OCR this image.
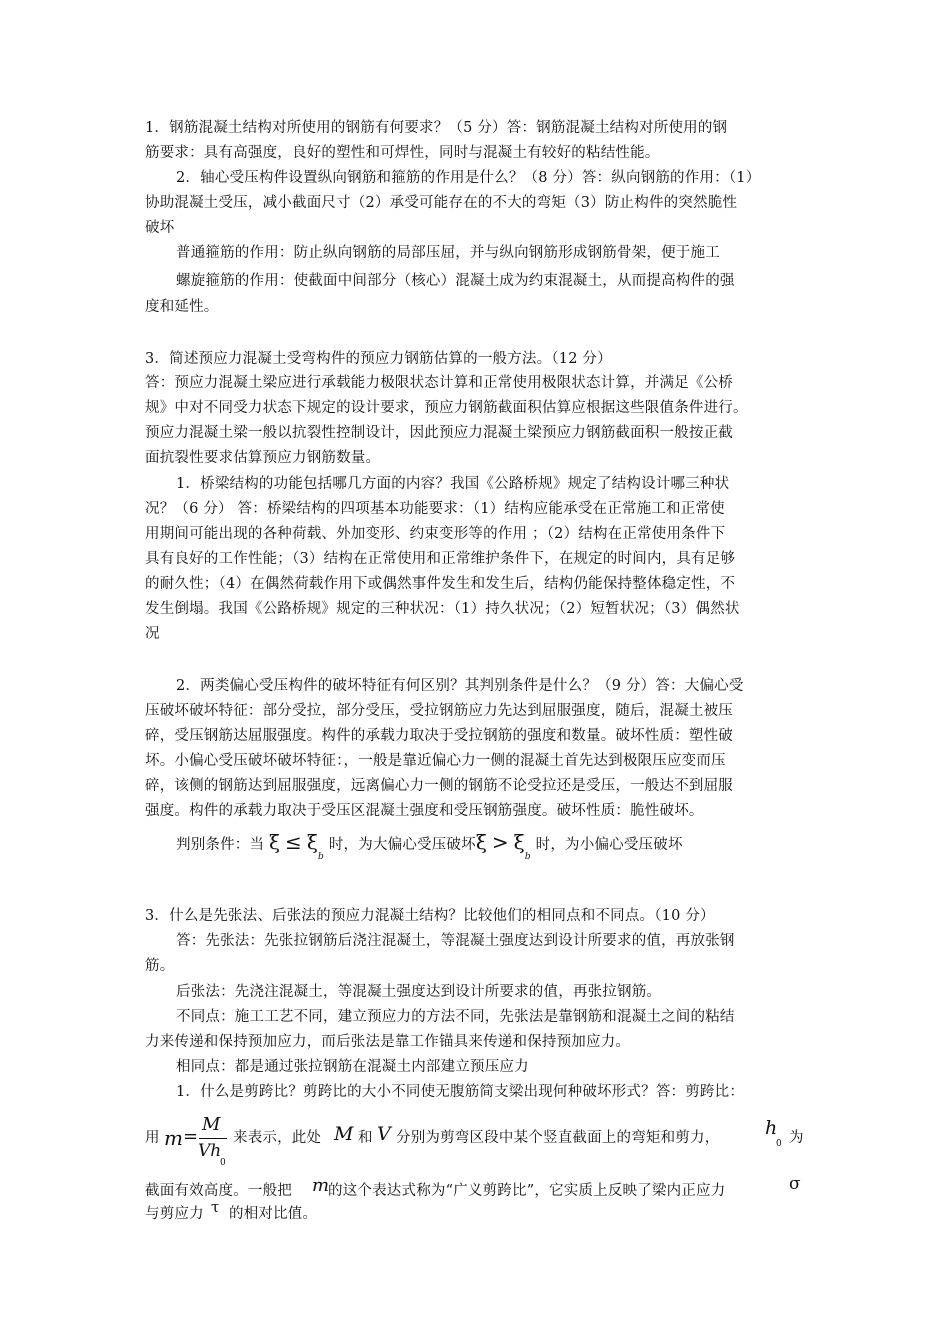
1．钢筋混凝土结构对所使用的钢筋有何要求？（5 分）答：钢筋混凝土结构对所使用的钢
筋要求：具有高强度，良好的塑性和可焊性，同时与混凝土有较好的粘结性能。
2．轴心受压构件设置纵向钢筋和箍筋的作用是什么？（8 分）答：纵向钢筋的作用：（1）
协助混凝土受压，减小截面尺寸（2）承受可能存在的不大的弯矩（3）防止构件的突然脆性
破坏
普通箍筋的作用：防止纵向钢筋的局部压屈，并与纵向钢筋形成钢筋骨架，便于施工
螺旋箍筋的作用：使截面中间部分（核心）混凝土成为约束混凝土，从而提高构件的强
度和延性。
3．简述预应力混凝土受弯构件的预应力钢筋估算的一般方法。（12 分）
答：预应力混凝土梁应进行承载能力极限状态计算和正常使用极限状态计算，并满足《公桥
规》中对不同受力状态下规定的设计要求，预应力钢筋截面积估算应根据这些限值条件进行。
预应力混凝土梁一般以抗裂性控制设计，因此预应力混凝土梁预应力钢筋截面积一般按正截
面抗裂性要求估算预应力钢筋数量。
1．桥梁结构的功能包括哪几方面的内容？我国《公路桥规》规定了结构设计哪三种状
况？（6 分） 答：桥梁结构的四项基本功能要求：（1）结构应能承受在正常施工和正常使
用期间可能出现的各种荷载、外加变形、约束变形等的作用 ；（2）结构在正常使用条件下
具有良好的工作性能；（3）结构在正常使用和正常维护条件下，在规定的时间内，具有足够
的耐久性；（4）在偶然荷载作用下或偶然事件发生和发生后，结构仍能保持整体稳定性，不
发生倒塌。我国《公路桥规》规定的三种状况：（1）持久状况；（2）短暂状况；（3）偶然状
况
2．两类偏心受压构件的破坏特征有何区别？其判别条件是什么？（9 分）答：大偏心受
压破坏破坏特征：部分受拉，部分受压，受拉钢筋应力先达到屈服强度，随后，混凝土被压
碎，受压钢筋达屈服强度。构件的承载力取决于受拉钢筋的强度和数量。破坏性质：塑性破
坏。小偏心受压破坏破坏特征：，一般是靠近偏心力一侧的混凝土首先达到极限压应变而压
碎，该侧的钢筋达到屈服强度，远离偏心力一侧的钢筋不论受拉还是受压，一般达不到屈服
强度。构件的承载力取决于受压区混凝土强度和受压钢筋强度。破坏性质：脆性破坏。
判别条件：当 $\xi \le \xi_b$ 时，为大偏心受压破坏$\xi > \xi_b$ 时，为小偏心受压破坏
3．什么是先张法、后张法的预应力混凝土结构？比较他们的相同点和不同点。（10 分）
答：先张法：先张拉钢筋后浇注混凝土，等混凝土强度达到设计所要求的值，再放张钢
筋。
后张法：先浇注混凝土，等混凝土强度达到设计所要求的值，再张拉钢筋。
不同点：施工工艺不同，建立预应力的方法不同，先张法是靠钢筋和混凝土之间的粘结
力来传递和保持预加应力，而后张法是靠工作锚具来传递和保持预加应力。
相同点：都是通过张拉钢筋在混凝土内部建立预压应力
1．什么是剪跨比？剪跨比的大小不同使无腹筋简支梁出现何种破坏形式？答：剪跨比：
用 m =
M
Vh
0
来表示，此处 M 和 V 分别为剪弯区段中某个竖直截面上的弯矩和剪力， h
0 为
截面有效高度。一般把 m
的这个表达式称为“广义剪跨比”，它实质上反映了梁内正应力	σ
与剪应力 τ 的相对比值。
